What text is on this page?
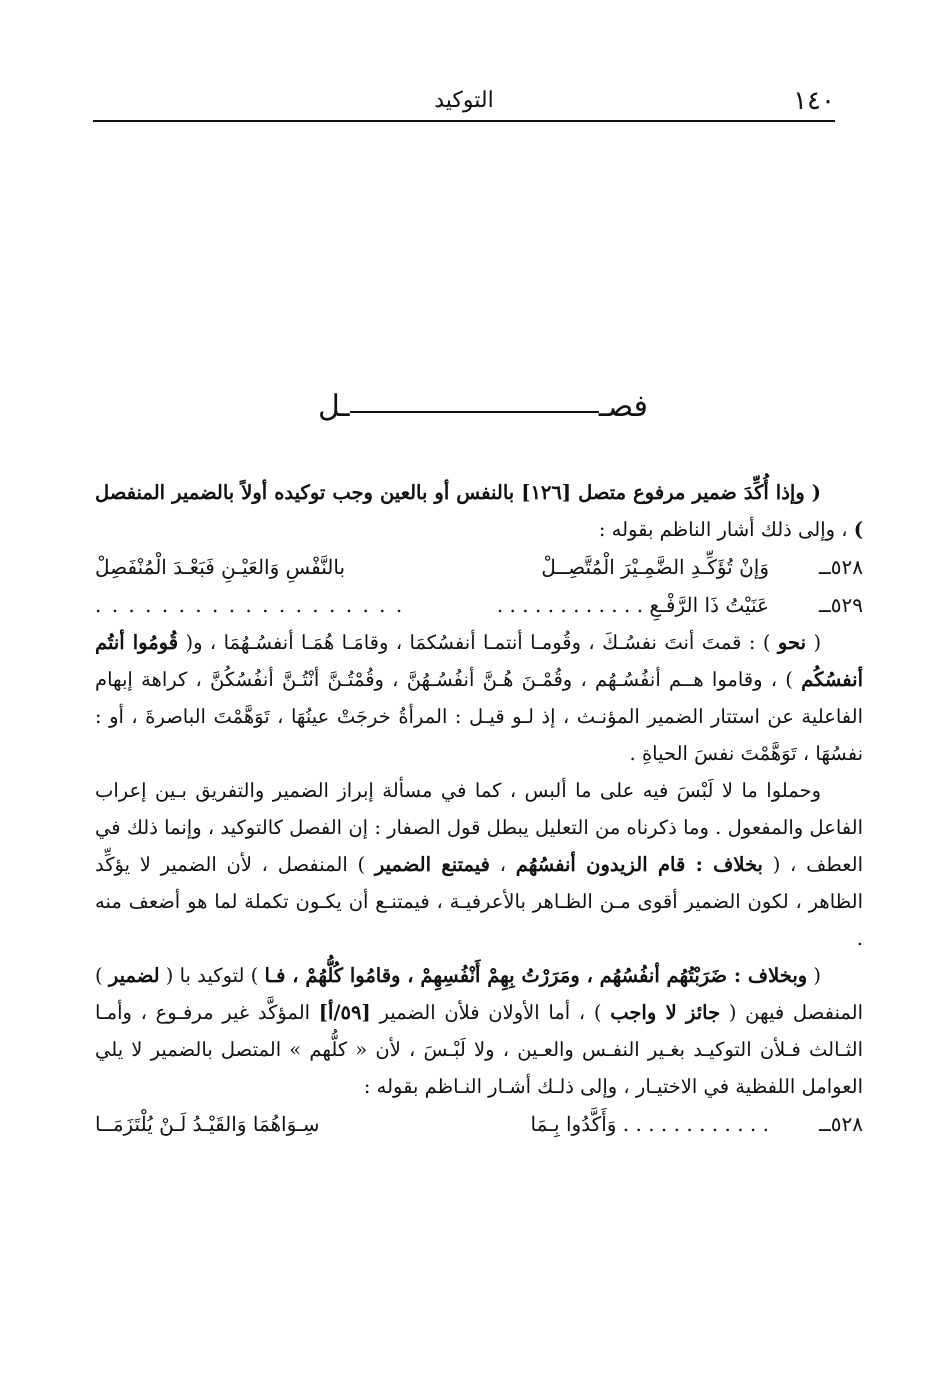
١٤٠
التوكيد
فصـ
ـل

( وإذا أُكِّدَ ضمير مرفوع متصل [١٢٦] بالنفس أو بالعين وجب توكيده أولاً بالضمير المنفصل ) ، وإلى ذلك أشار الناظم بقوله :

٥٢٨ــ
وَإنْ تُؤَكِّـدِ الضَّمِـيْرَ الْمُتَّصِــلْ
بالنَّفْسِ وَالعَيْـنِ فَبَعْـدَ الْمُنْفَصِلْ
٥٢٩ــ
عَنَيْتُ ذَا الرَّفْـعِ . . . . . . . . . . . .
. . . . . . . . . . . . . . . . . . .

( نحو ) : قمتَ أنتَ نفسُـكَ ، وقُومـا أنتمـا أنفسُكمَا ، وقامَـا هُمَـا أنفسُـهُمَا ، و( قُومُوا أنتُم أنفسُكُم ) ، وقاموا هــم أنفُسُـهُم ، وقُمْـنَ هُـنَّ أنفُسُـهُنَّ ، وقُمْتُـنَّ أنْتُـنَّ أنفُسُكُنَّ ، كراهة إبهام الفاعلية عن استتار الضمير المؤنـث ، إذ لـو قيـل : المرأةُ خرجَتْ عينُهَا ، تَوَهَّمْتَ الباصرةَ ، أو : نفسُهَا ، تَوَهَّمْتَ نفسَ الحياةِ .

وحملوا ما لا لَبْسَ فيه على ما ألبس ، كما في مسألة إبراز الضمير والتفريق بـين إعراب الفاعل والمفعول . وما ذكرناه من التعليل يبطل قول الصفار : إن الفصل كالتوكيد ، وإنما ذلك في العطف ، ( بخلاف : قام الزيدون أنفسُهُم ، فيمتنع الضمير ) المنفصل ، لأن الضمير لا يؤكِّد الظاهر ، لكون الضمير أقوى مـن الظـاهر بالأعرفيـة ، فيمتنـع أن يكـون تكملة لما هو أضعف منه .

( وبخلاف : ضَرَبْتُهُم أنفُسُهُم ، ومَرَرْتُ بِهِمْ أَنْفُسِهِمْ ، وقامُوا كُلُّهُمْ ، فـا ) لتوكيد با ( لضمير ) المنفصل فيهن ( جائز لا واجب ) ، أما الأولان فلأن الضمير [٥٩/أ] المؤكَّد غير مرفـوع ، وأمـا الثـالث فـلأن التوكيـد بغـير النفـس والعـين ، ولا لَبْـسَ ، لأن « كلُّهم » المتصل بالضمير لا يلي العوامل اللفظية في الاختيـار ، وإلى ذلـك أشـار النـاظم بقوله :

٥٢٨ــ
. . . . . . . . . . . . وَأَكَّدُوا بِـمَا
سِـوَاهُمَا وَالقَيْـدُ لَـنْ يُلْتَزَمَــا
